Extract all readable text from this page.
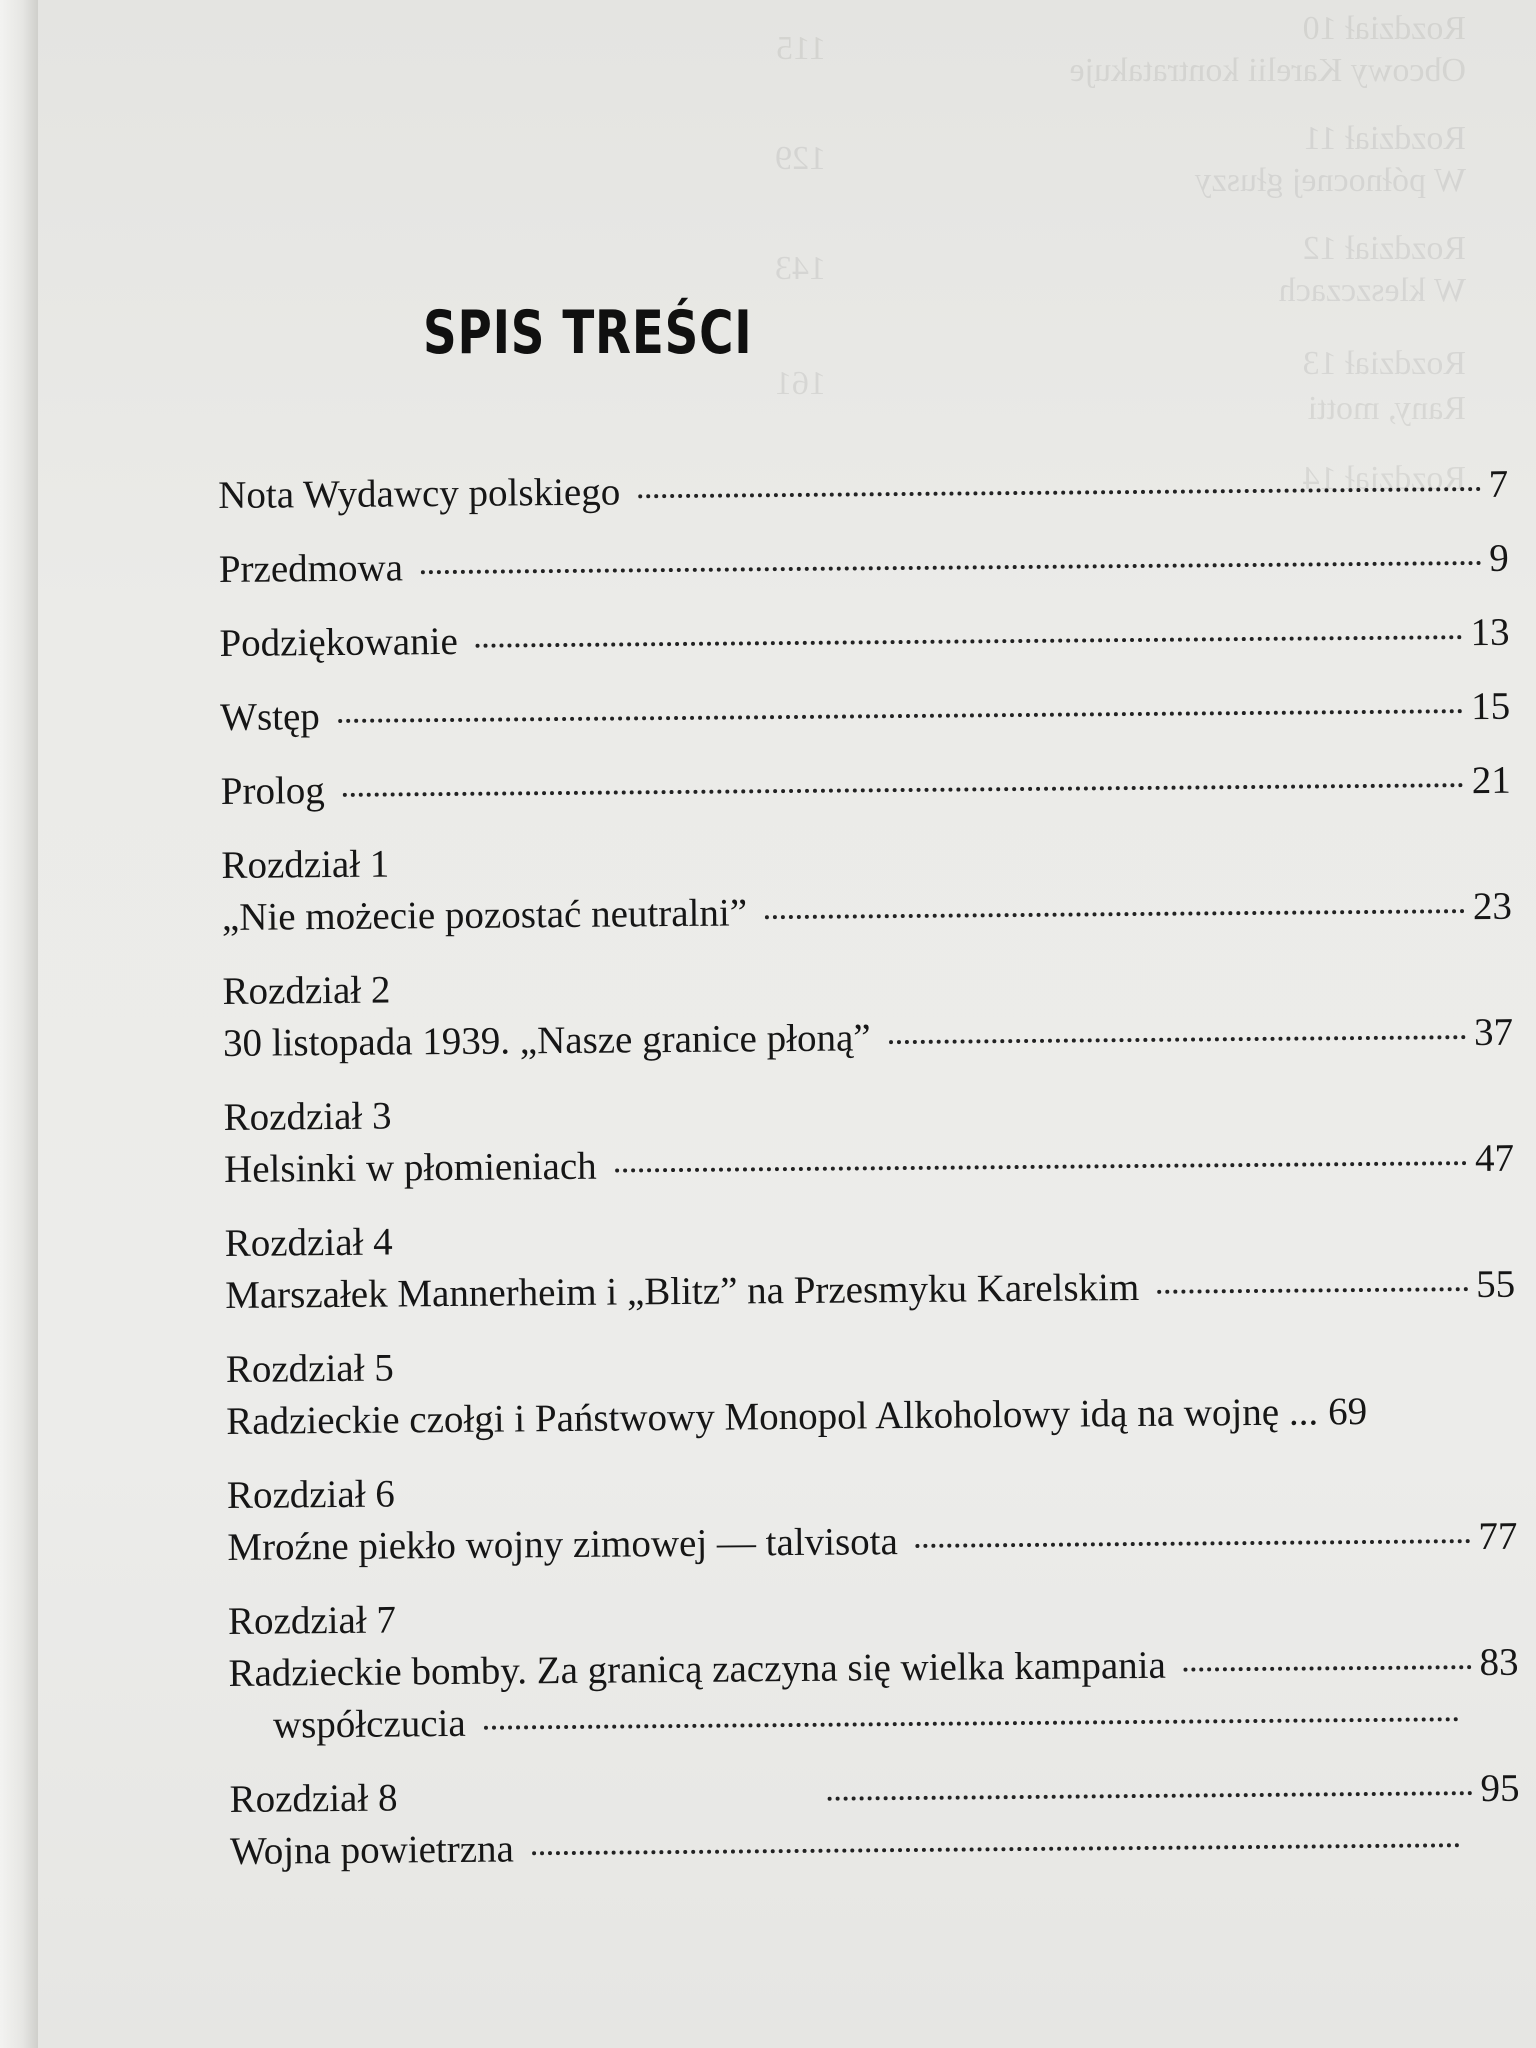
Rozdział 10
Obcowy Karelii kontratakuje
115
Rozdział 11
W północnej głuszy
129
Rozdział 12
W kleszczach
143
Rozdział 13
Rany, motti
161
Rozdział 14
SPIS TREŚCI
Nota Wydawcy polskiego	7
Przedmowa	9
Podziękowanie	13
Wstęp	15
Prolog	21
Rozdział 1
„Nie możecie pozostać neutralni”	23
Rozdział 2
30 listopada 1939. „Nasze granice płoną”	37
Rozdział 3
Helsinki w płomieniach	47
Rozdział 4
Marszałek Mannerheim i „Blitz” na Przesmyku Karelskim	55
Rozdział 5
Radzieckie czołgi i Państwowy Monopol Alkoholowy idą na wojnę ... 69
Rozdział 6
Mroźne piekło wojny zimowej — talvisota	77
Rozdział 7
Radzieckie bomby. Za granicą zaczyna się wielka kampania	83
współczucia
Rozdział 8	95
Wojna powietrzna
